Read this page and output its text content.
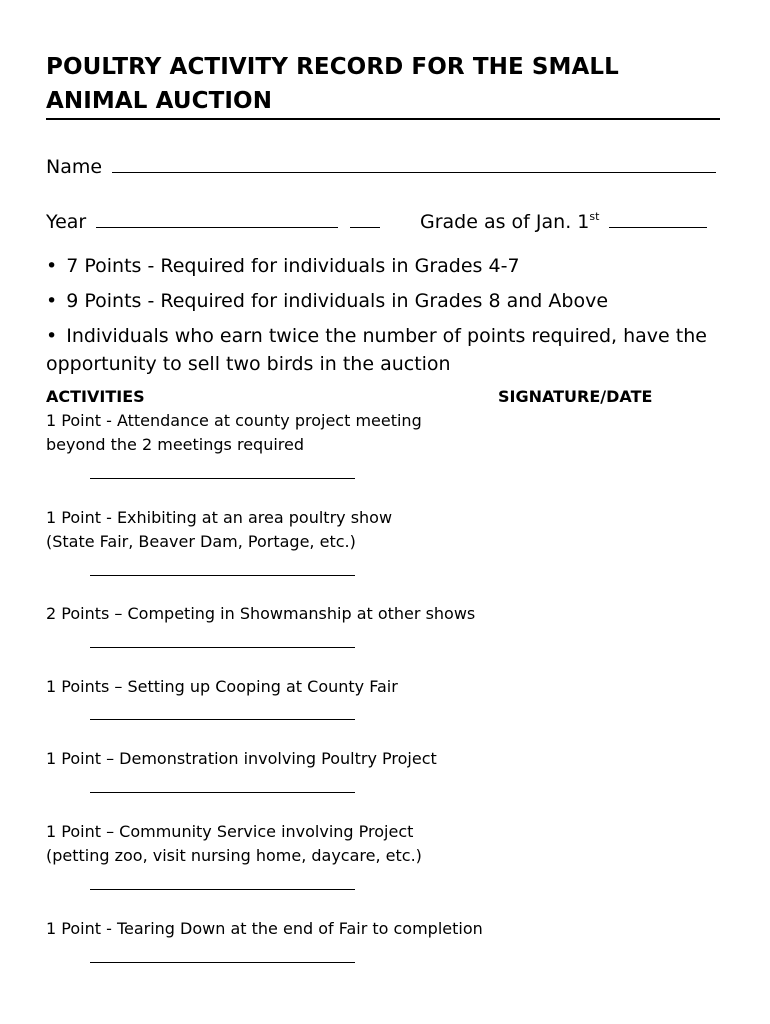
POULTRY ACTIVITY RECORD FOR THE SMALL ANIMAL AUCTION
Name
Year	Grade as of Jan. 1st
• 7 Points - Required for individuals in Grades 4-7
• 9 Points - Required for individuals in Grades 8 and Above
• Individuals who earn twice the number of points required, have the opportunity to sell two birds in the auction
ACTIVITIES	SIGNATURE/DATE
1 Point - Attendance at county project meeting
beyond the 2 meetings required
1 Point - Exhibiting at an area poultry show
(State Fair, Beaver Dam, Portage, etc.)
2 Points – Competing in Showmanship at other shows
1 Points – Setting up Cooping at County Fair
1 Point – Demonstration involving Poultry Project
1 Point – Community Service involving Project
(petting zoo, visit nursing home, daycare, etc.)
1 Point - Tearing Down at the end of Fair to completion
